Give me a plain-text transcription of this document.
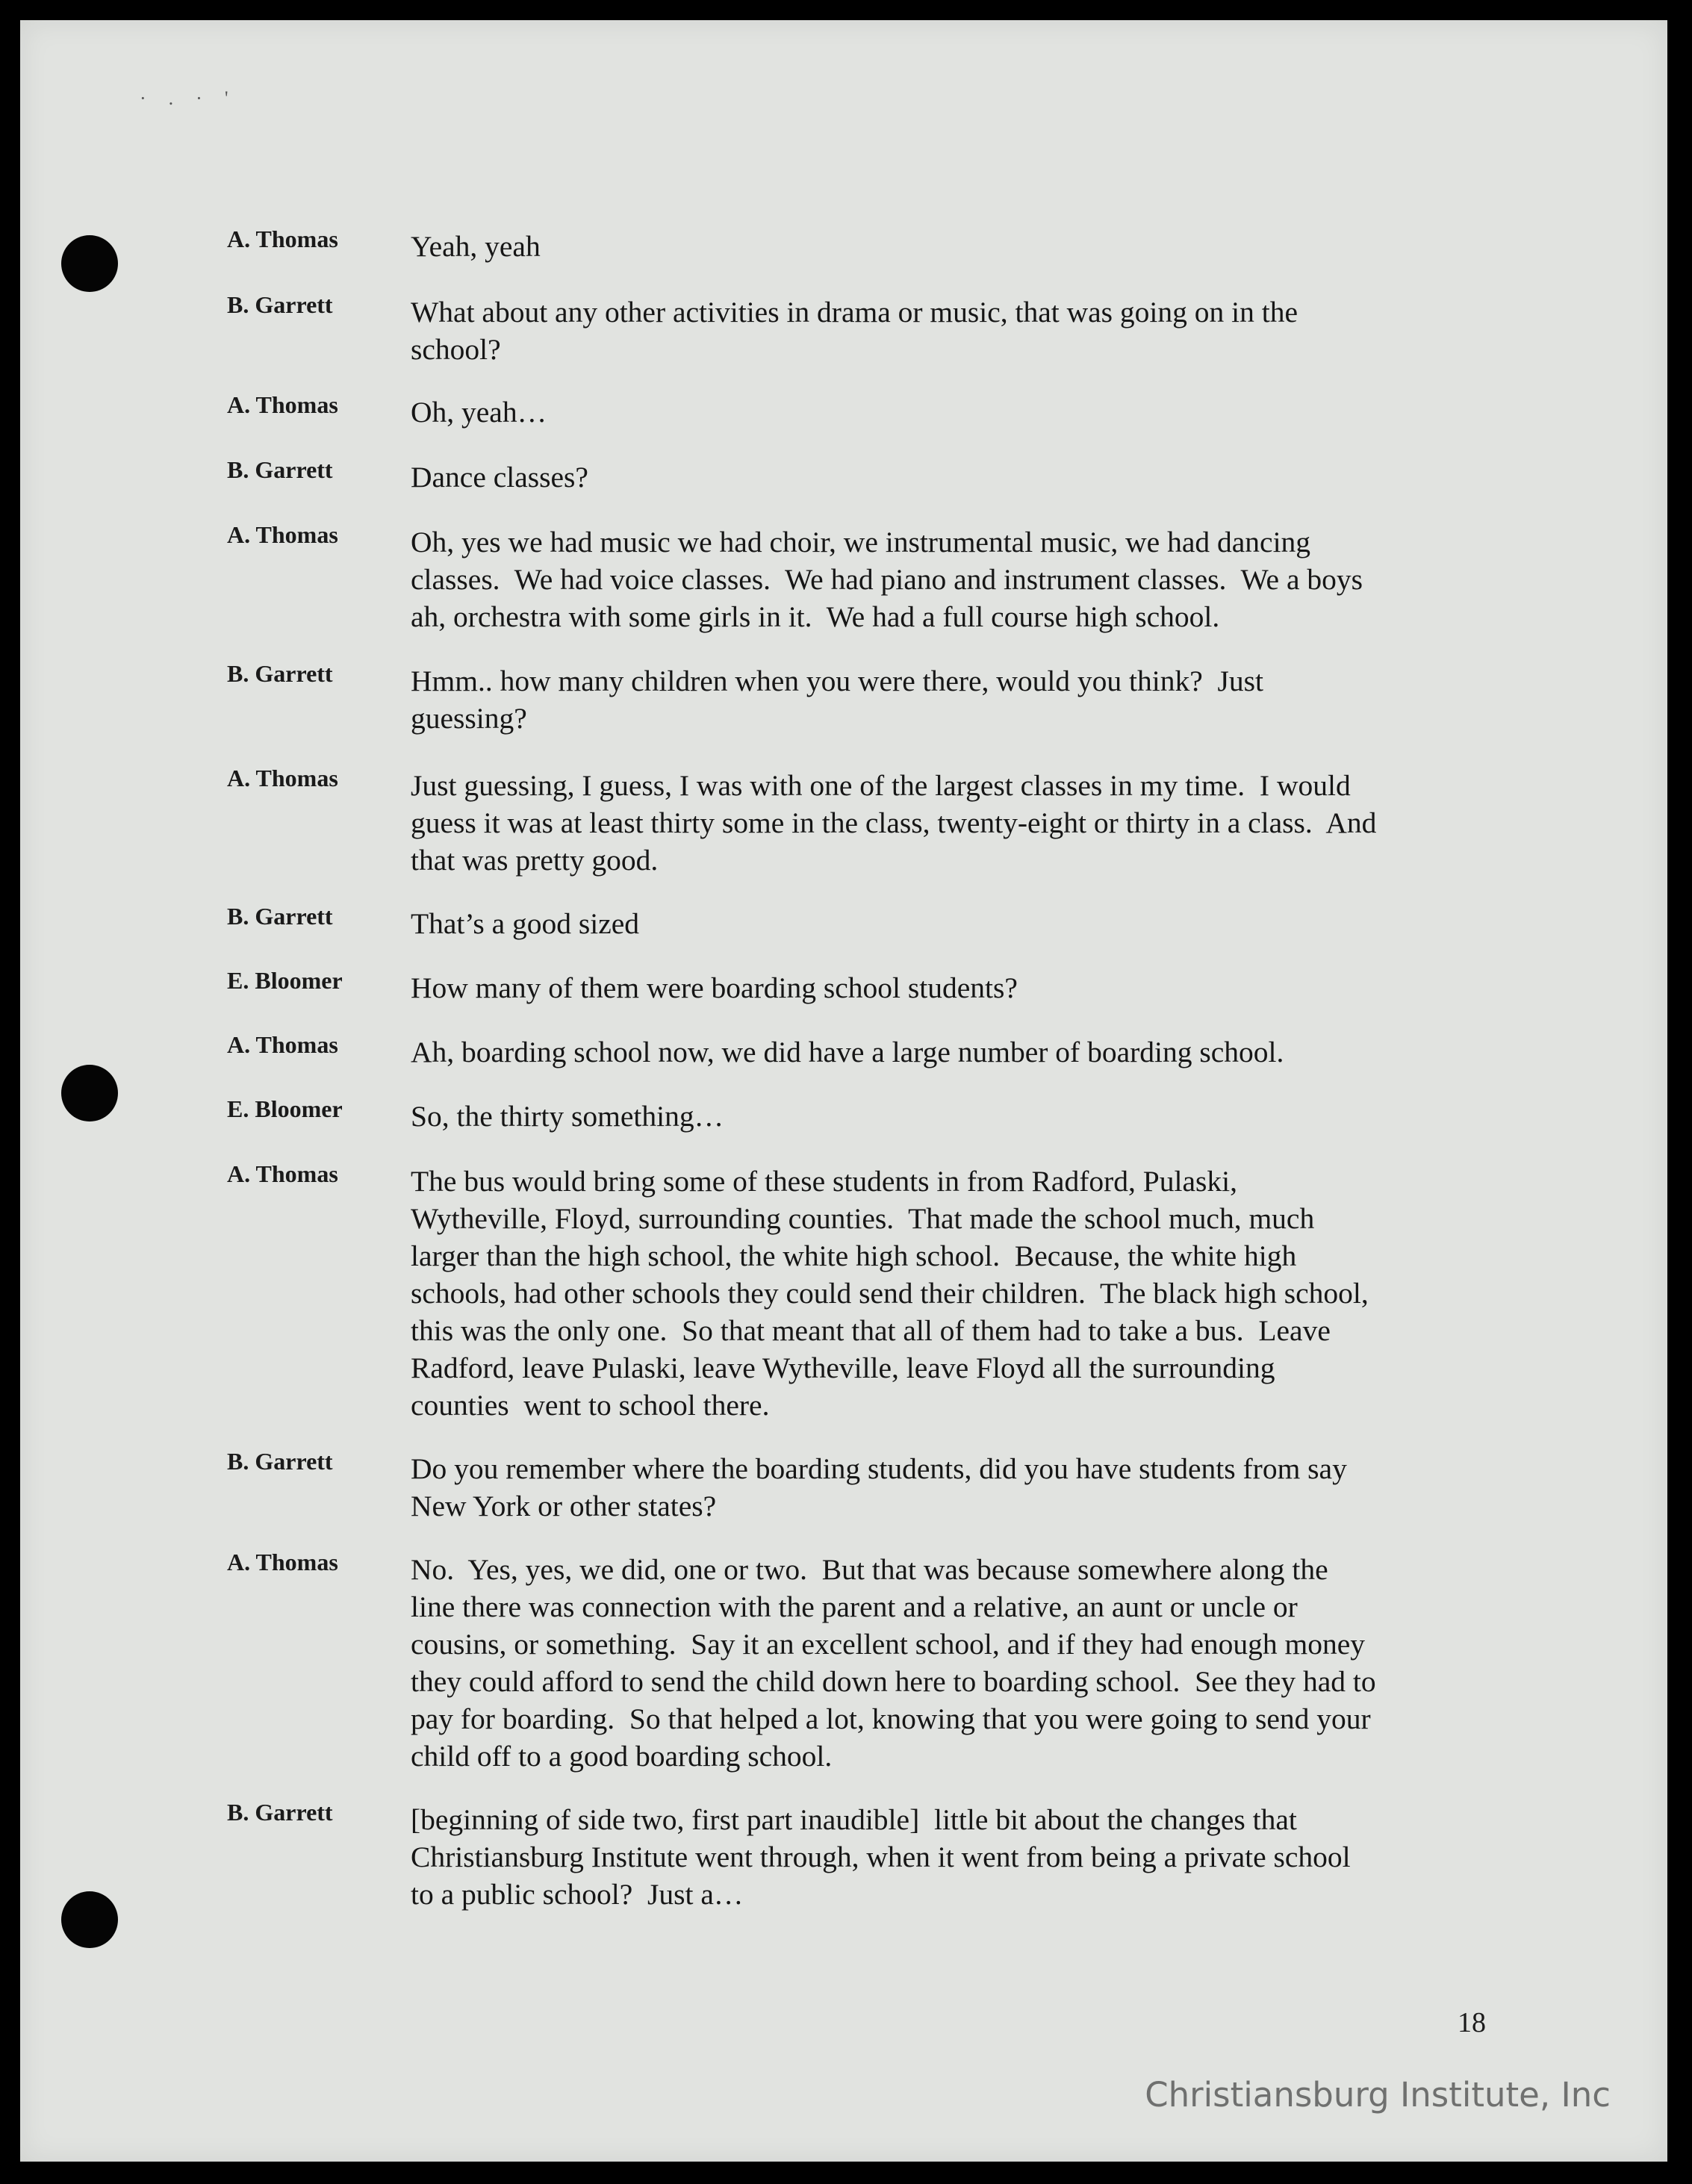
·.·'
A. Thomas	Yeah, yeah
B. Garrett	What about any other activities in drama or music, that was going on in the
school?
A. Thomas	Oh, yeah…
B. Garrett	Dance classes?
A. Thomas	Oh, yes we had music we had choir, we instrumental music, we had dancing
classes.  We had voice classes.  We had piano and instrument classes.  We a boys
ah, orchestra with some girls in it.  We had a full course high school.
B. Garrett	Hmm.. how many children when you were there, would you think?  Just
guessing?
A. Thomas	Just guessing, I guess, I was with one of the largest classes in my time.  I would
guess it was at least thirty some in the class, twenty-eight or thirty in a class.  And
that was pretty good.
B. Garrett	That’s a good sized
E. Bloomer	How many of them were boarding school students?
A. Thomas	Ah, boarding school now, we did have a large number of boarding school.
E. Bloomer	So, the thirty something…
A. Thomas	The bus would bring some of these students in from Radford, Pulaski,
Wytheville, Floyd, surrounding counties.  That made the school much, much
larger than the high school, the white high school.  Because, the white high
schools, had other schools they could send their children.  The black high school,
this was the only one.  So that meant that all of them had to take a bus.  Leave
Radford, leave Pulaski, leave Wytheville, leave Floyd all the surrounding
counties  went to school there.
B. Garrett	Do you remember where the boarding students, did you have students from say
New York or other states?
A. Thomas	No.  Yes, yes, we did, one or two.  But that was because somewhere along the
line there was connection with the parent and a relative, an aunt or uncle or
cousins, or something.  Say it an excellent school, and if they had enough money
they could afford to send the child down here to boarding school.  See they had to
pay for boarding.  So that helped a lot, knowing that you were going to send your
child off to a good boarding school.
B. Garrett	[beginning of side two, first part inaudible]  little bit about the changes that
Christiansburg Institute went through, when it went from being a private school
to a public school?  Just a…
18
Christiansburg Institute, Inc
